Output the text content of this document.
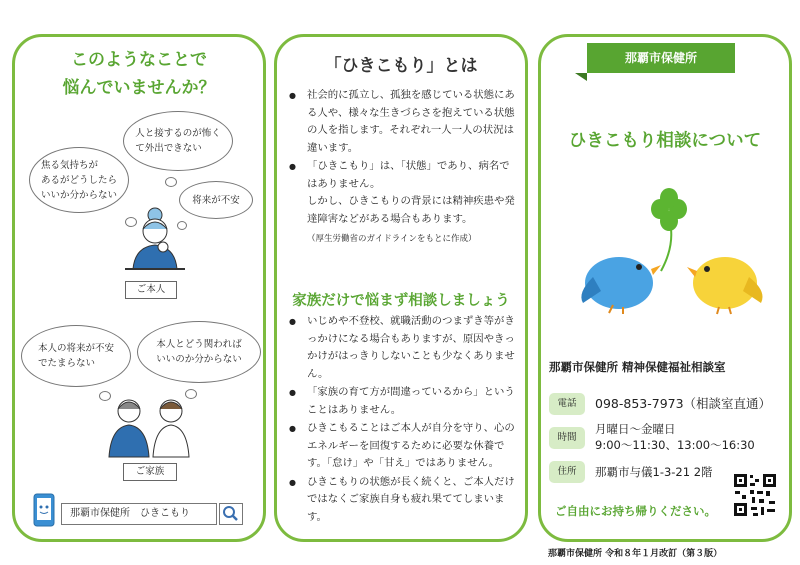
このようなことで
悩んでいませんか？
焦る気持ちが
あるがどうしたら
いいか分からない
人と接するのが怖く
て外出できない
将来が不安
ご本人
本人の将来が不安
でたまらない
本人とどう関われば
いいのか分からない
ご家族
那覇市保健所　ひきこもり
「ひきこもり」とは
● 社会的に孤立し、孤独を感じている状態にある人や、様々な生きづらさを抱えている状態の人を指します。それぞれ一人一人の状況は違います。
● 「ひきこもり」は、「状態」であり、病名ではありません。
しかし、ひきこもりの背景には精神疾患や発達障害などがある場合もあります。
（厚生労働省のガイドラインをもとに作成）
家族だけで悩まず相談しましょう
● いじめや不登校、就職活動のつまずき等がきっかけになる場合もありますが、原因やきっかけがはっきりしないことも少なくありません。
● 「家族の育て方が間違っているから」ということはありません。
● ひきこもることはご本人が自分を守り、心のエネルギーを回復するために必要な休養です。「怠け」や「甘え」ではありません。
● ひきこもりの状態が長く続くと、ご本人だけではなくご家族自身も疲れ果ててしまいます。
那覇市保健所
ひきこもり相談について
那覇市保健所 精神保健福祉相談室
電話	098-853-7973（相談室直通）
時間
月曜日～金曜日
9:00～11:30、13:00～16:30
住所	那覇市与儀1-3-21 2階
ご自由にお持ち帰りください。
那覇市保健所 令和８年１月改訂（第３版）
